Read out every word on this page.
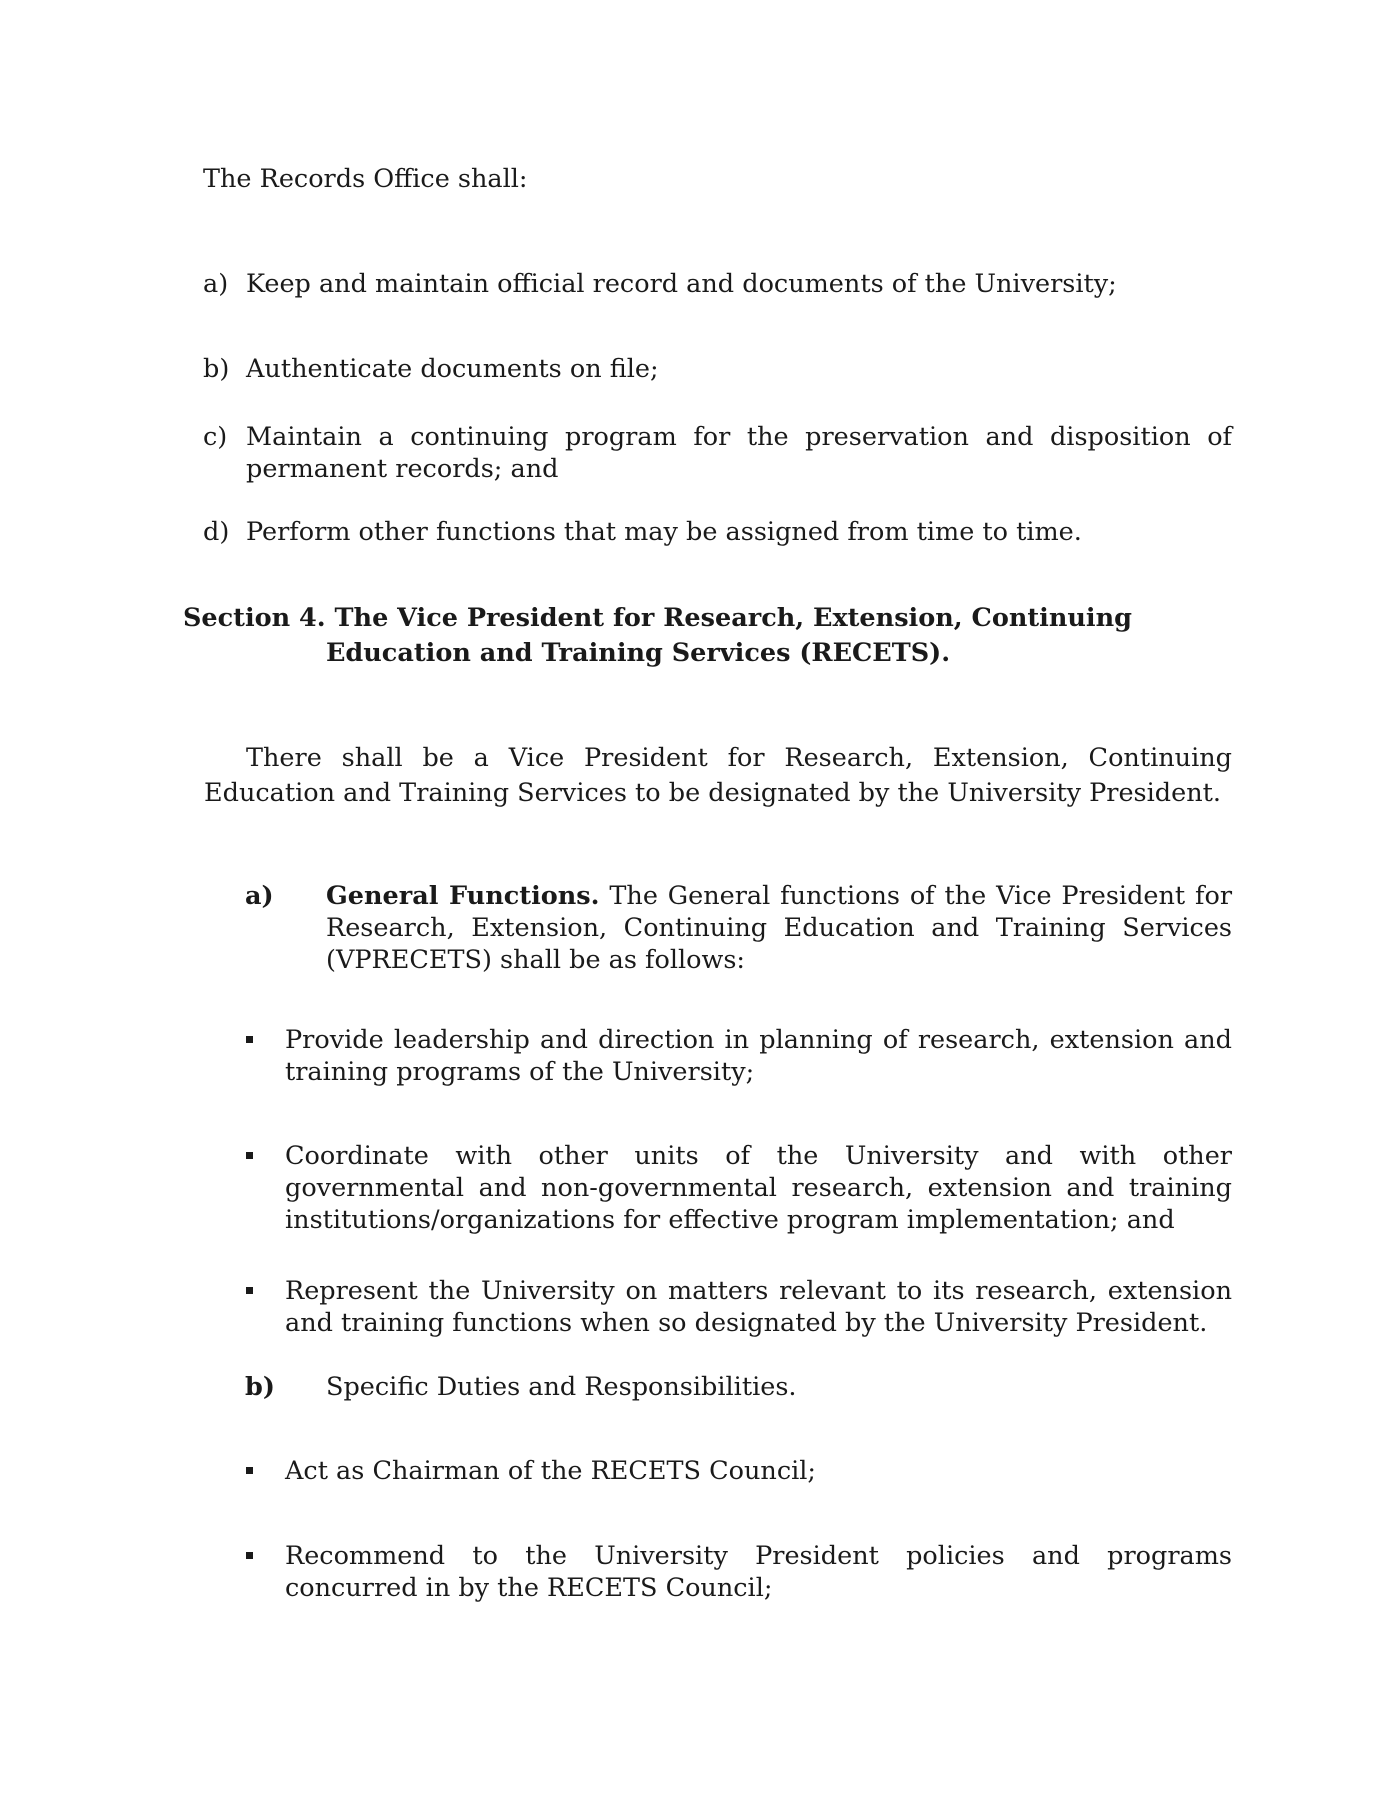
The Records Office shall:
a) Keep and maintain official record and documents of the University;
b) Authenticate documents on file;
c) Maintain a continuing program for the preservation and disposition of permanent records; and
d) Perform other functions that may be assigned from time to time.
Section 4. The Vice President for Research, Extension, Continuing
Education and Training Services (RECETS).
There shall be a Vice President for Research, Extension, Continuing Education and Training Services to be designated by the University President.
a) General Functions. The General functions of the Vice President for Research, Extension, Continuing Education and Training Services (VPRECETS) shall be as follows:
Provide leadership and direction in planning of research, extension and training programs of the University;
Coordinate with other units of the University and with other governmental and non-governmental research, extension and training institutions/organizations for effective program implementation; and
Represent the University on matters relevant to its research, extension and training functions when so designated by the University President.
b) Specific Duties and Responsibilities.
Act as Chairman of the RECETS Council;
Recommend to the University President policies and programs concurred in by the RECETS Council;
